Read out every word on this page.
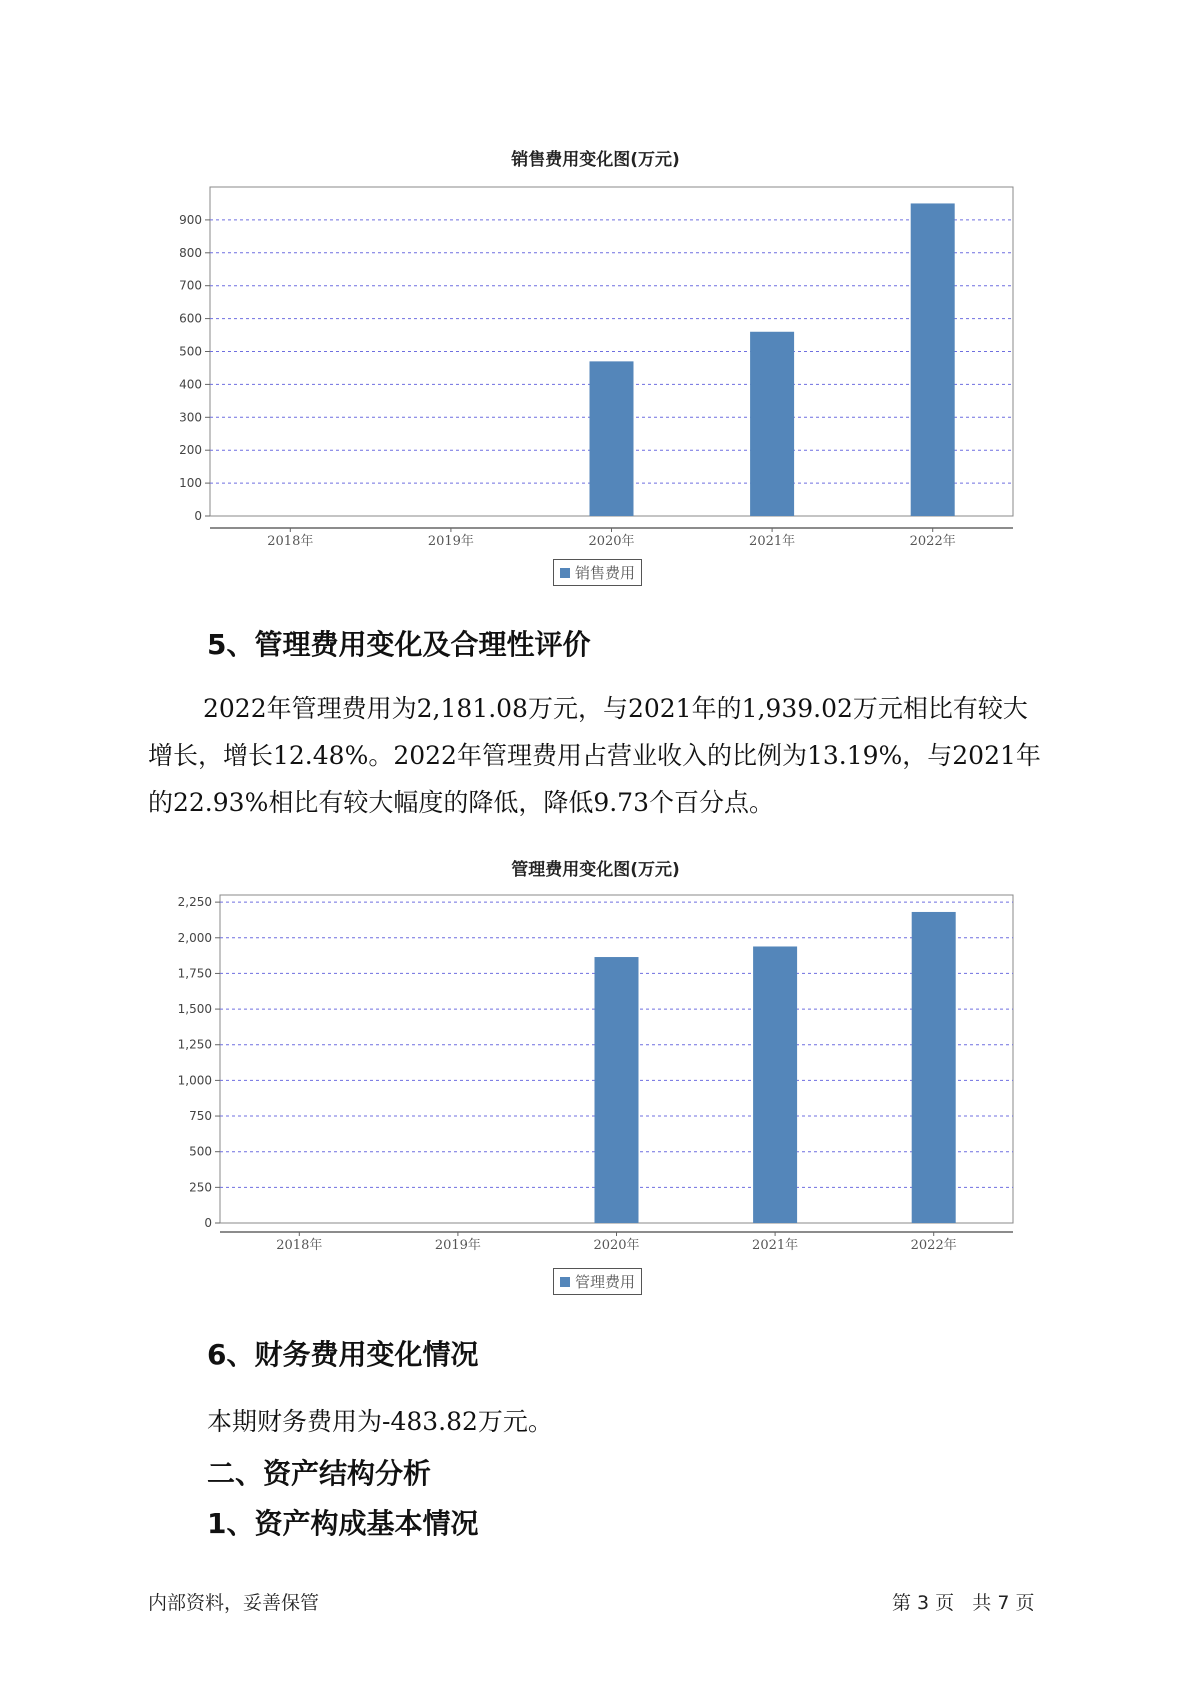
销售费用变化图(万元)
0
100
200
300
400
500
600
700
800
900
2018年	2019年	2020年	2021年	2022年
销售费用
5、管理费用变化及合理性评价
2022年管理费用为2,181.08万元，与2021年的1,939.02万元相比有较大增长，增长12.48%。2022年管理费用占营业收入的比例为13.19%，与2021年的22.93%相比有较大幅度的降低，降低9.73个百分点。
管理费用变化图(万元)
0
250
500
750
1,000
1,250
1,500
1,750
2,000
2,250
2018年	2019年	2020年	2021年	2022年
管理费用
6、财务费用变化情况
本期财务费用为-483.82万元。
二、资产结构分析
1、资产构成基本情况
内部资料，妥善保管	第 3 页   共 7 页
